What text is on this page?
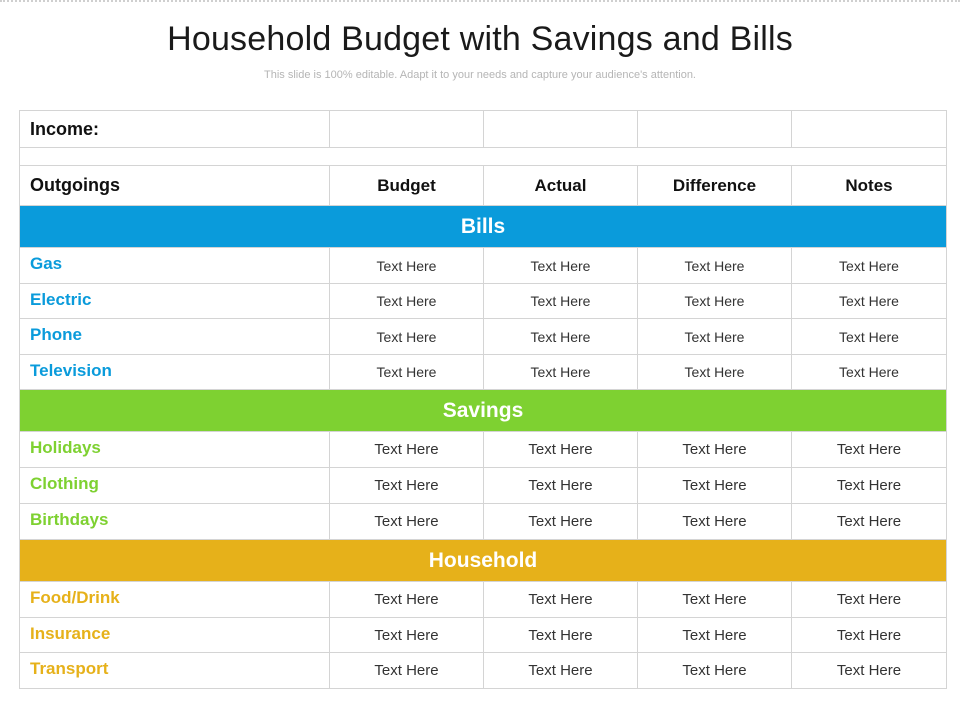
Household Budget with Savings and Bills
This slide is 100% editable. Adapt it to your needs and capture your audience's attention.
Income:				

Outgoings	Budget	Actual	Difference	Notes
Bills				
Gas	Text Here	Text Here	Text Here	Text Here
Electric	Text Here	Text Here	Text Here	Text Here
Phone	Text Here	Text Here	Text Here	Text Here
Television	Text Here	Text Here	Text Here	Text Here
Savings				
Holidays	Text Here	Text Here	Text Here	Text Here
Clothing	Text Here	Text Here	Text Here	Text Here
Birthdays	Text Here	Text Here	Text Here	Text Here
Household				
Food/Drink	Text Here	Text Here	Text Here	Text Here
Insurance	Text Here	Text Here	Text Here	Text Here
Transport	Text Here	Text Here	Text Here	Text Here
